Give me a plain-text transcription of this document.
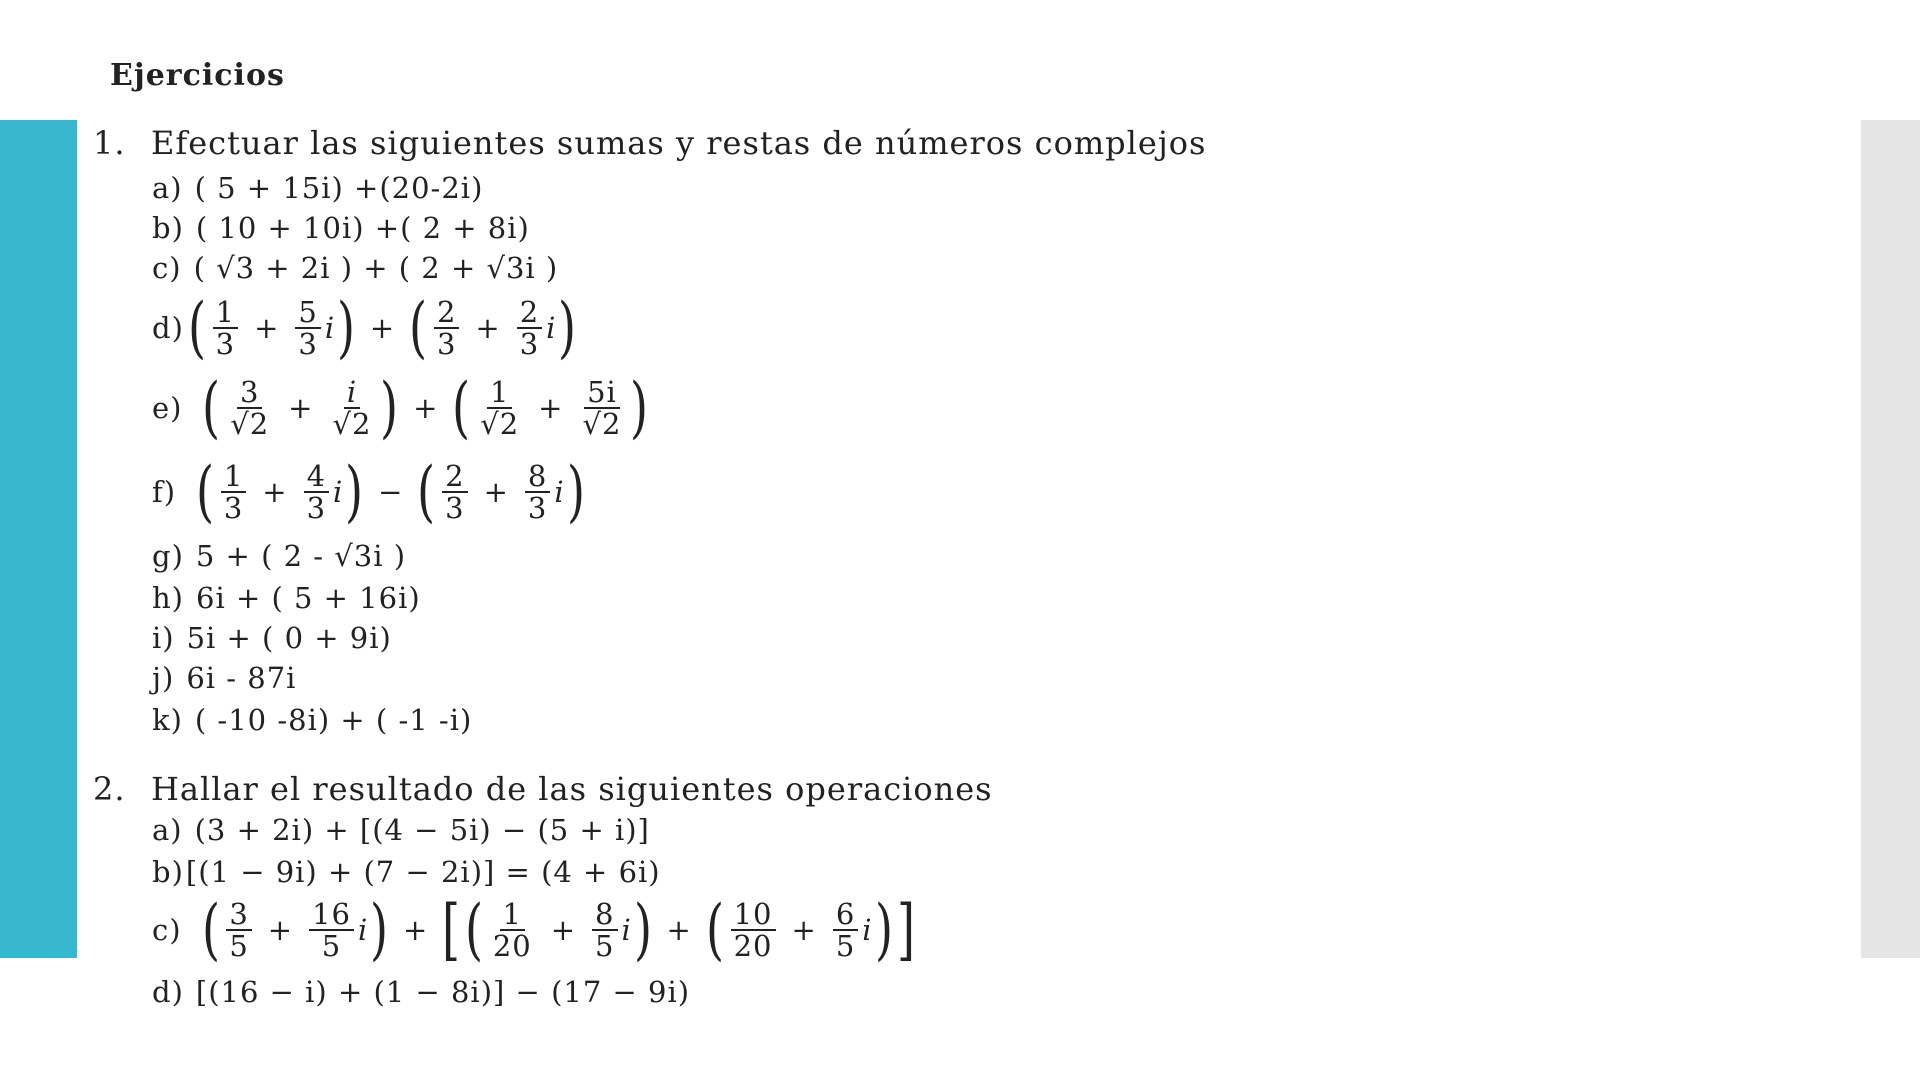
Ejercicios
1. Efectuar las siguientes sumas y restas de números complejos
a) ( 5 + 15i) +(20-2i)
b) ( 10 + 10i) +( 2 + 8i)
c) ( √3 + 2i ) + ( 2 + √3i )
d) ( $\frac{1}{3} + \frac{5}{3}$ i ) + ( $\frac{2}{3} + \frac{2}{3}$ i )
e) ( $\frac{3}{√2} + \frac{i}{√2}$ ) + ( $\frac{1}{√2} + \frac{5i}{√2}$ )
f) ( $\frac{1}{3} + \frac{4}{3}$ i ) − ( $\frac{2}{3} + \frac{8}{3}$ i )
g) 5 + ( 2 - √3i )
h) 6i + ( 5 + 16i)
i) 5i + ( 0 + 9i)
j) 6i - 87i
k) ( -10 -8i) + ( -1 -i)
2. Hallar el resultado de las siguientes operaciones
a) (3 + 2i) + [(4 − 5i) − (5 + i)]
b) [(1 − 9i) + (7 − 2i)] = (4 + 6i)
c) ( $\frac{3}{5} + \frac{16}{5}$ i ) + [ ( $\frac{1}{20} + \frac{8}{5}$ i ) + ( $\frac{10}{20} + \frac{6}{5}$ i ) ]
d) [(16 − i) + (1 − 8i)] − (17 − 9i)
